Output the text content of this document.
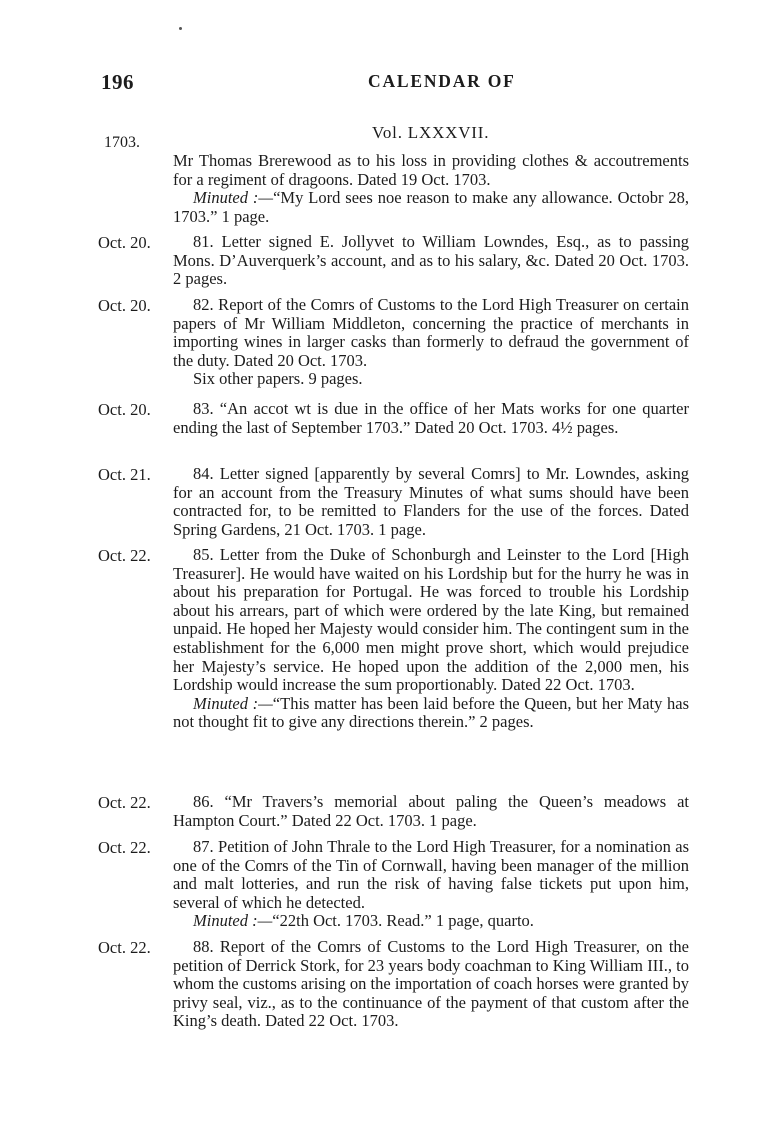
196	CALENDAR OF
Vol. LXXXVII.
1703.

Mr Thomas Brerewood as to his loss in providing clothes & accoutrements for a regiment of dragoons. Dated 19 Oct. 1703.

Minuted :—“My Lord sees noe reason to make any allowance. Octobr 28, 1703.” 1 page.

Oct. 20.	81. Letter signed E. Jollyvet to William Lowndes, Esq., as to passing Mons. D’Auverquerk’s account, and as to his salary, &c. Dated 20 Oct. 1703. 2 pages.

Oct. 20.	82. Report of the Comrs of Customs to the Lord High Treasurer on certain papers of Mr William Middleton, concerning the practice of merchants in importing wines in larger casks than formerly to defraud the government of the duty. Dated 20 Oct. 1703.

Six other papers. 9 pages.

Oct. 20.	83. “An accot wt is due in the office of her Mats works for one quarter ending the last of September 1703.” Dated 20 Oct. 1703. 4½ pages.

Oct. 21.	84. Letter signed [apparently by several Comrs] to Mr. Lowndes, asking for an account from the Treasury Minutes of what sums should have been contracted for, to be remitted to Flanders for the use of the forces. Dated Spring Gardens, 21 Oct. 1703. 1 page.

Oct. 22.	85. Letter from the Duke of Schonburgh and Leinster to the Lord [High Treasurer]. He would have waited on his Lordship but for the hurry he was in about his preparation for Portugal. He was forced to trouble his Lordship about his arrears, part of which were ordered by the late King, but remained unpaid. He hoped her Majesty would consider him. The contingent sum in the establishment for the 6,000 men might prove short, which would prejudice her Majesty’s service. He hoped upon the addition of the 2,000 men, his Lordship would increase the sum proportionably. Dated 22 Oct. 1703.

Minuted :—“This matter has been laid before the Queen, but her Maty has not thought fit to give any directions therein.” 2 pages.

Oct. 22.	86. “Mr Travers’s memorial about paling the Queen’s meadows at Hampton Court.” Dated 22 Oct. 1703. 1 page.

Oct. 22.	87. Petition of John Thrale to the Lord High Treasurer, for a nomination as one of the Comrs of the Tin of Cornwall, having been manager of the million and malt lotteries, and run the risk of having false tickets put upon him, several of which he detected.

Minuted :—“22th Oct. 1703. Read.” 1 page, quarto.

Oct. 22.	88. Report of the Comrs of Customs to the Lord High Treasurer, on the petition of Derrick Stork, for 23 years body coachman to King William III., to whom the customs arising on the importation of coach horses were granted by privy seal, viz., as to the continuance of the payment of that custom after the King’s death. Dated 22 Oct. 1703.
